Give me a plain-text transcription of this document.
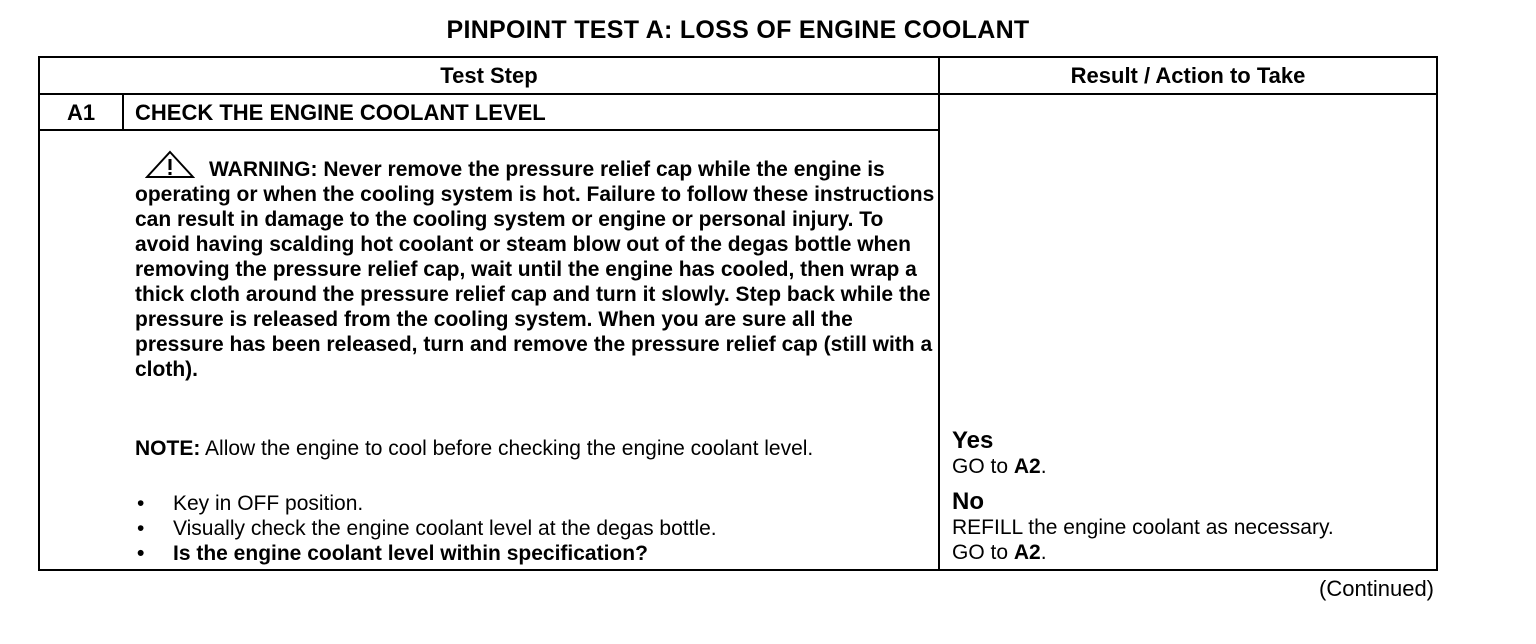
PINPOINT TEST A: LOSS OF ENGINE COOLANT
Test Step	Result / Action to Take
A1	CHECK THE ENGINE COOLANT LEVEL

WARNING: Never remove the pressure relief cap while the engine is operating or when the cooling system is hot. Failure to follow these instructions can result in damage to the cooling system or engine or personal injury. To avoid having scalding hot coolant or steam blow out of the degas bottle when removing the pressure relief cap, wait until the engine has cooled, then wrap a thick cloth around the pressure relief cap and turn it slowly. Step back while the pressure is released from the cooling system. When you are sure all the pressure has been released, turn and remove the pressure relief cap (still with a cloth).

NOTE: Allow the engine to cool before checking the engine coolant level.

• Key in OFF position.
• Visually check the engine coolant level at the degas bottle.
• Is the engine coolant level within specification?
Yes
GO to A2.
No
REFILL the engine coolant as necessary.
GO to A2.
(Continued)
